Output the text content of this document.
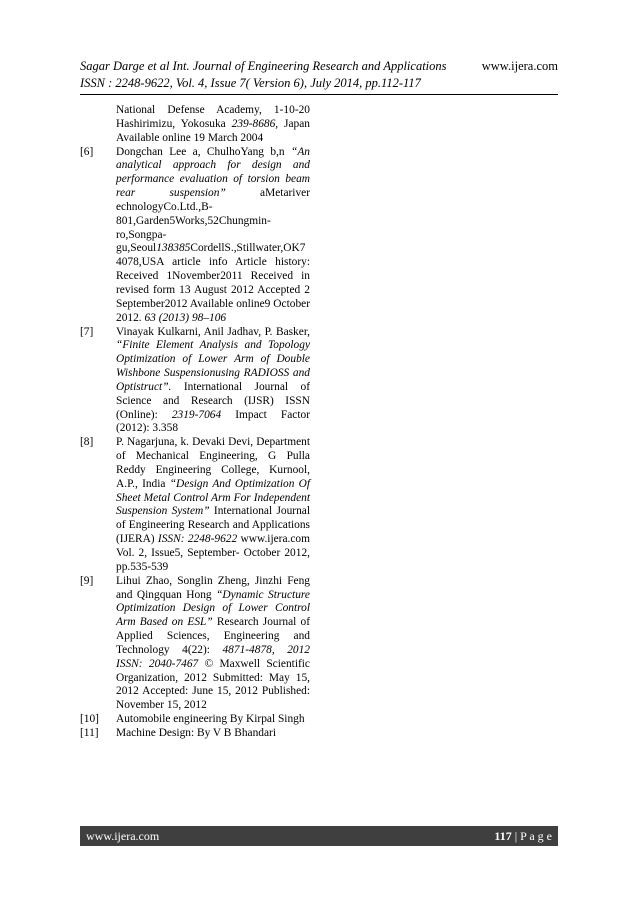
Sagar Darge et al Int. Journal of Engineering Research and Applications	www.ijera.com
ISSN : 2248-9622, Vol. 4, Issue 7( Version 6), July 2014, pp.112-117
National Defense Academy, 1-10-20 Hashirimizu, Yokosuka 239-8686, Japan Available online 19 March 2004
[6]	Dongchan Lee a, ChulhoYang b,n “An analytical approach for design and performance evaluation of torsion beam rear suspension” aMetariver echnologyCo.Ltd.,B-801,Garden5Works,52Chungmin-ro,Songpa-gu,Seoul138385CordellS.,Stillwater,OK74078,USA article info Article history: Received 1November2011 Received in revised form 13 August 2012 Accepted 2 September2012 Available online9 October 2012. 63 (2013) 98–106
[7]	Vinayak Kulkarni, Anil Jadhav, P. Basker, “Finite Element Analysis and Topology Optimization of Lower Arm of Double Wishbone Suspensionusing RADIOSS and Optistruct”. International Journal of Science and Research (IJSR) ISSN (Online): 2319-7064 Impact Factor (2012): 3.358
[8]	P. Nagarjuna, k. Devaki Devi, Department of Mechanical Engineering, G Pulla Reddy Engineering College, Kurnool, A.P., India “Design And Optimization Of Sheet Metal Control Arm For Independent Suspension System” International Journal of Engineering Research and Applications (IJERA) ISSN: 2248-9622 www.ijera.com Vol. 2, Issue5, September- October 2012, pp.535-539
[9]	Lihui Zhao, Songlin Zheng, Jinzhi Feng and Qingquan Hong “Dynamic Structure Optimization Design of Lower Control Arm Based on ESL” Research Journal of Applied Sciences, Engineering and Technology 4(22): 4871-4878, 2012 ISSN: 2040-7467 © Maxwell Scientific Organization, 2012 Submitted: May 15, 2012 Accepted: June 15, 2012 Published: November 15, 2012
[10]	Automobile engineering By Kirpal Singh
[11]	Machine Design: By V B Bhandari
www.ijera.com	117 | P a g e
